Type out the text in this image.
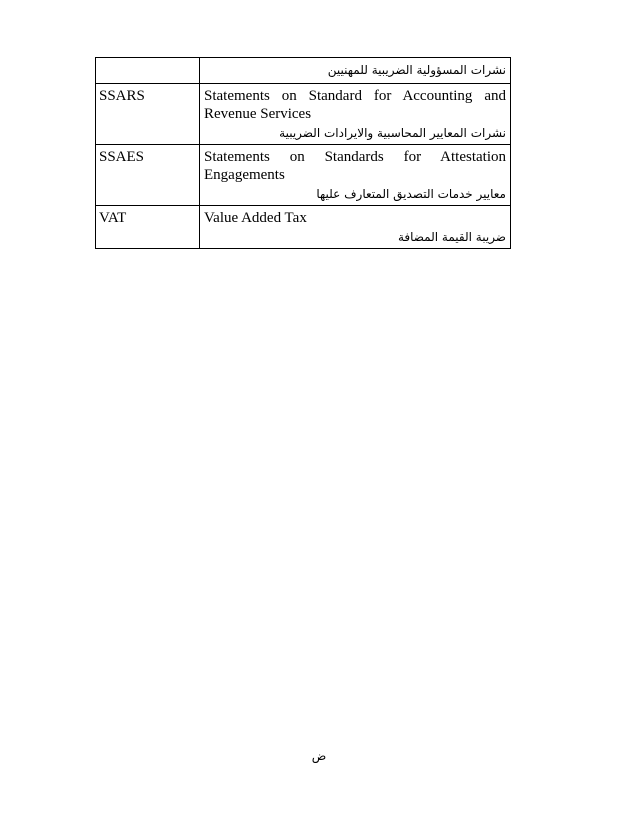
	نشرات المسؤولية الضريبية للمهنيين

SSARS	Statements on Standard for Accounting and Revenue Services
نشرات المعايير المحاسبية والايرادات الضريبية

SSAES	Statements on Standards for Attestation Engagements
معايير خدمات التصديق المتعارف عليها

VAT	Value Added Tax
ضريبة القيمة المضافة
ض
